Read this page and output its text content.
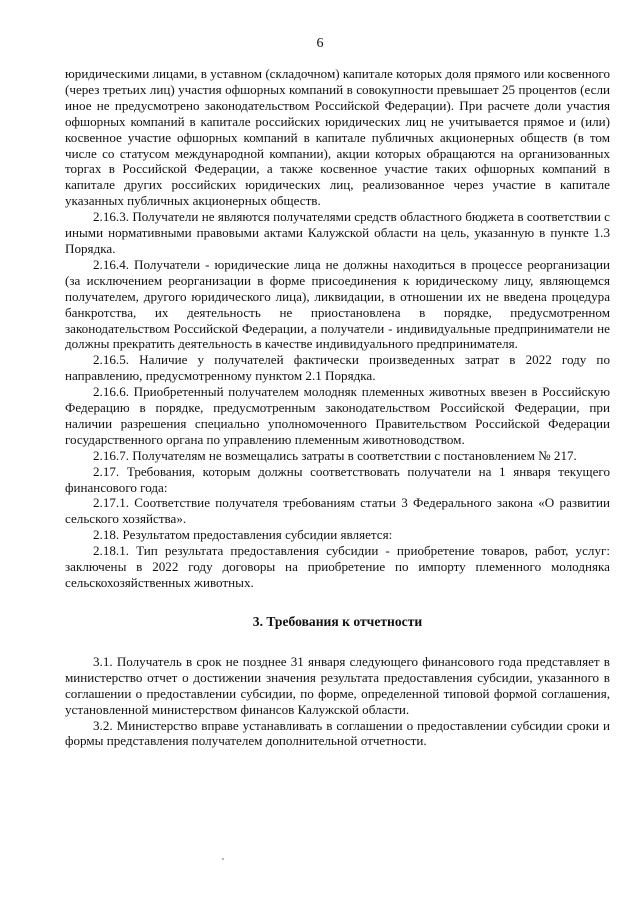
6

юридическими лицами, в уставном (складочном) капитале которых доля прямого или косвенного (через третьих лиц) участия офшорных компаний в совокупности превышает 25 процентов (если иное не предусмотрено законодательством Российской Федерации). При расчете доли участия офшорных компаний в капитале российских юридических лиц не учитывается прямое и (или) косвенное участие офшорных компаний в капитале публичных акционерных обществ (в том числе со статусом международной компании), акции которых обращаются на организованных торгах в Российской Федерации, а также косвенное участие таких офшорных компаний в капитале других российских юридических лиц, реализованное через участие в капитале указанных публичных акционерных обществ.

2.16.3. Получатели не являются получателями средств областного бюджета в соответствии с иными нормативными правовыми актами Калужской области на цель, указанную в пункте 1.3 Порядка.

2.16.4. Получатели - юридические лица не должны находиться в процессе реорганизации (за исключением реорганизации в форме присоединения к юридическому лицу, являющемся получателем, другого юридического лица), ликвидации, в отношении их не введена процедура банкротства, их деятельность не приостановлена в порядке, предусмотренном законодательством Российской Федерации, а получатели - индивидуальные предприниматели не должны прекратить деятельность в качестве индивидуального предпринимателя.

2.16.5. Наличие у получателей фактически произведенных затрат в 2022 году по направлению, предусмотренному пунктом 2.1 Порядка.

2.16.6. Приобретенный получателем молодняк племенных животных ввезен в Российскую Федерацию в порядке, предусмотренным законодательством Российской Федерации, при наличии разрешения специально уполномоченного Правительством Российской Федерации государственного органа по управлению племенным животноводством.

2.16.7. Получателям не возмещались затраты в соответствии с постановлением № 217.

2.17. Требования, которым должны соответствовать получатели на 1 января текущего финансового года:

2.17.1. Соответствие получателя требованиям статьи 3 Федерального закона «О развитии сельского хозяйства».

2.18. Результатом предоставления субсидии является:

2.18.1. Тип результата предоставления субсидии - приобретение товаров, работ, услуг: заключены в 2022 году договоры на приобретение по импорту племенного молодняка сельскохозяйственных животных.

3. Требования к отчетности

3.1. Получатель в срок не позднее 31 января следующего финансового года представляет в министерство отчет о достижении значения результата предоставления субсидии, указанного в соглашении о предоставлении субсидии, по форме, определенной типовой формой соглашения, установленной министерством финансов Калужской области.

3.2. Министерство вправе устанавливать в соглашении о предоставлении субсидии сроки и формы представления получателем дополнительной отчетности.
